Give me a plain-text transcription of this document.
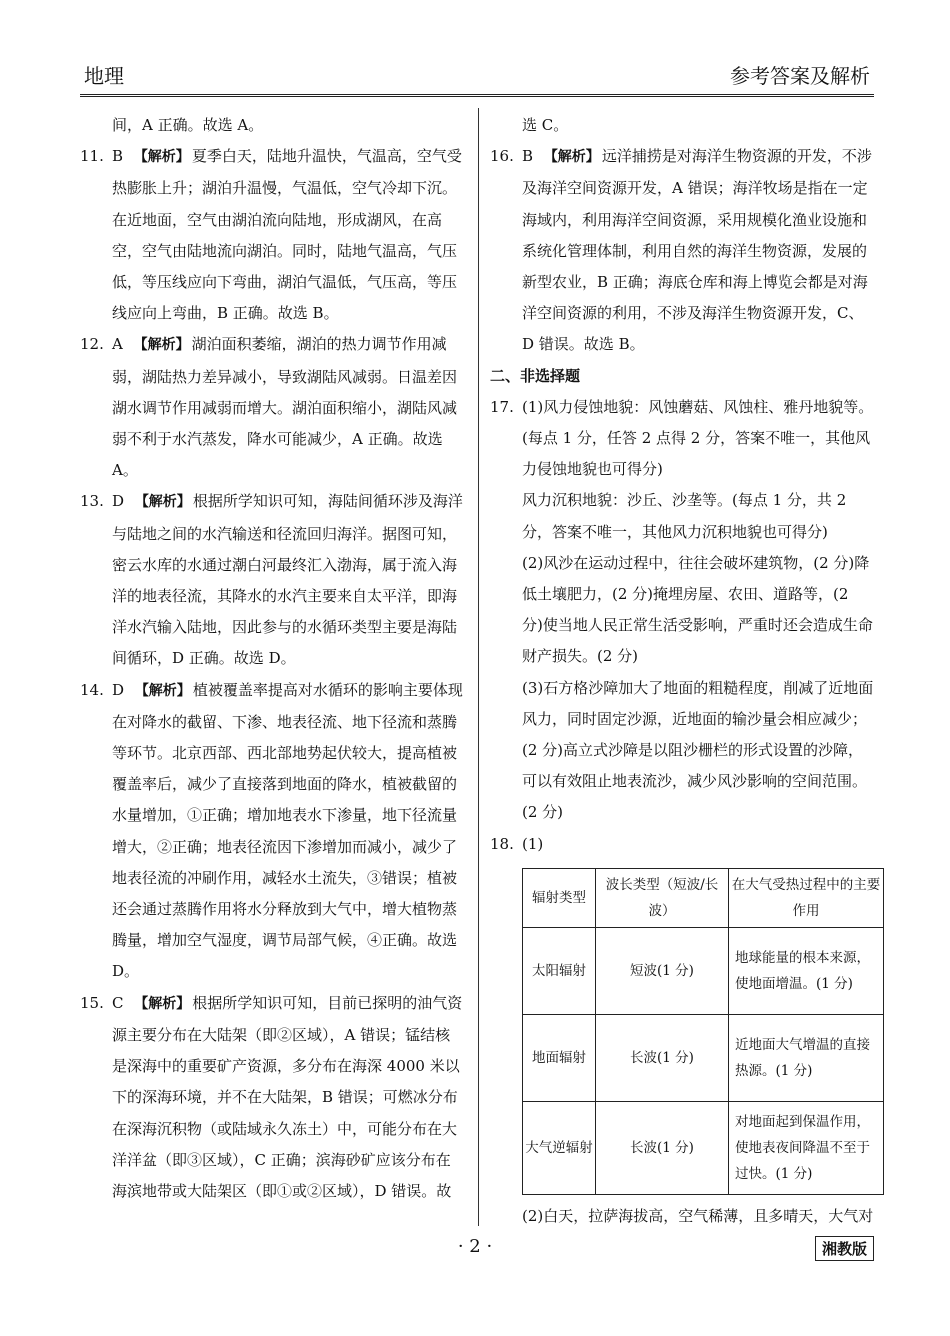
地理	参考答案及解析

间，A 正确。故选 A。

11. B 【解析】 夏季白天，陆地升温快，气温高，空气受热膨胀上升；湖泊升温慢，气温低，空气冷却下沉。在近地面，空气由湖泊流向陆地，形成湖风，在高空，空气由陆地流向湖泊。同时，陆地气温高，气压低，等压线应向下弯曲，湖泊气温低，气压高，等压线应向上弯曲，B 正确。故选 B。
12. A 【解析】 湖泊面积萎缩，湖泊的热力调节作用减弱，湖陆热力差异减小，导致湖陆风减弱。日温差因湖水调节作用减弱而增大。湖泊面积缩小，湖陆风减弱不利于水汽蒸发，降水可能减少，A 正确。故选 A。
13. D 【解析】 根据所学知识可知，海陆间循环涉及海洋与陆地之间的水汽输送和径流回归海洋。据图可知，密云水库的水通过潮白河最终汇入渤海，属于流入海洋的地表径流，其降水的水汽主要来自太平洋，即海洋水汽输入陆地，因此参与的水循环类型主要是海陆间循环，D 正确。故选 D。
14. D 【解析】 植被覆盖率提高对水循环的影响主要体现在对降水的截留、下渗、地表径流、地下径流和蒸腾等环节。北京西部、西北部地势起伏较大，提高植被覆盖率后，减少了直接落到地面的降水，植被截留的水量增加，①正确；增加地表水下渗量，地下径流量增大，②正确；地表径流因下渗增加而减小，减少了地表径流的冲刷作用，减轻水土流失，③错误；植被还会通过蒸腾作用将水分释放到大气中，增大植物蒸腾量，增加空气湿度，调节局部气候，④正确。故选 D。
15. C 【解析】 根据所学知识可知，目前已探明的油气资源主要分布在大陆架（即②区域），A 错误；锰结核是深海中的重要矿产资源，多分布在海深 4000 米以下的深海环境，并不在大陆架，B 错误；可燃冰分布在深海沉积物（或陆域永久冻土）中，可能分布在大洋洋盆（即③区域），C 正确；滨海砂矿应该分布在海滨地带或大陆架区（即①或②区域），D 错误。故

选 C。

16. B 【解析】 远洋捕捞是对海洋生物资源的开发，不涉及海洋空间资源开发，A 错误；海洋牧场是指在一定海域内，利用海洋空间资源，采用规模化渔业设施和系统化管理体制，利用自然的海洋生物资源，发展的新型农业，B 正确；海底仓库和海上博览会都是对海洋空间资源的利用，不涉及海洋生物资源开发，C、D 错误。故选 B。

二、非选择题

17. (1)风力侵蚀地貌：风蚀蘑菇、风蚀柱、雅丹地貌等。(每点 1 分，任答 2 点得 2 分，答案不唯一，其他风力侵蚀地貌也可得分)

风力沉积地貌：沙丘、沙垄等。(每点 1 分，共 2 分，答案不唯一，其他风力沉积地貌也可得分)

(2)风沙在运动过程中，往往会破坏建筑物，(2 分)降低土壤肥力，(2 分)掩埋房屋、农田、道路等，(2 分)使当地人民正常生活受影响，严重时还会造成生命财产损失。(2 分)

(3)石方格沙障加大了地面的粗糙程度，削减了近地面风力，同时固定沙源，近地面的输沙量会相应减少；(2 分)高立式沙障是以阻沙栅栏的形式设置的沙障，可以有效阻止地表流沙，减少风沙影响的空间范围。(2 分)

18. (1)

辐射类型	波长类型（短波/长波）	在大气受热过程中的主要作用
太阳辐射	短波(1 分)	地球能量的根本来源，使地面增温。(1 分)
地面辐射	长波(1 分)	近地面大气增温的直接热源。(1 分)
大气逆辐射	长波(1 分)	对地面起到保温作用，使地表夜间降温不至于过快。(1 分)

(2)白天，拉萨海拔高，空气稀薄，且多晴天，大气对

· 2 ·	湘教版
